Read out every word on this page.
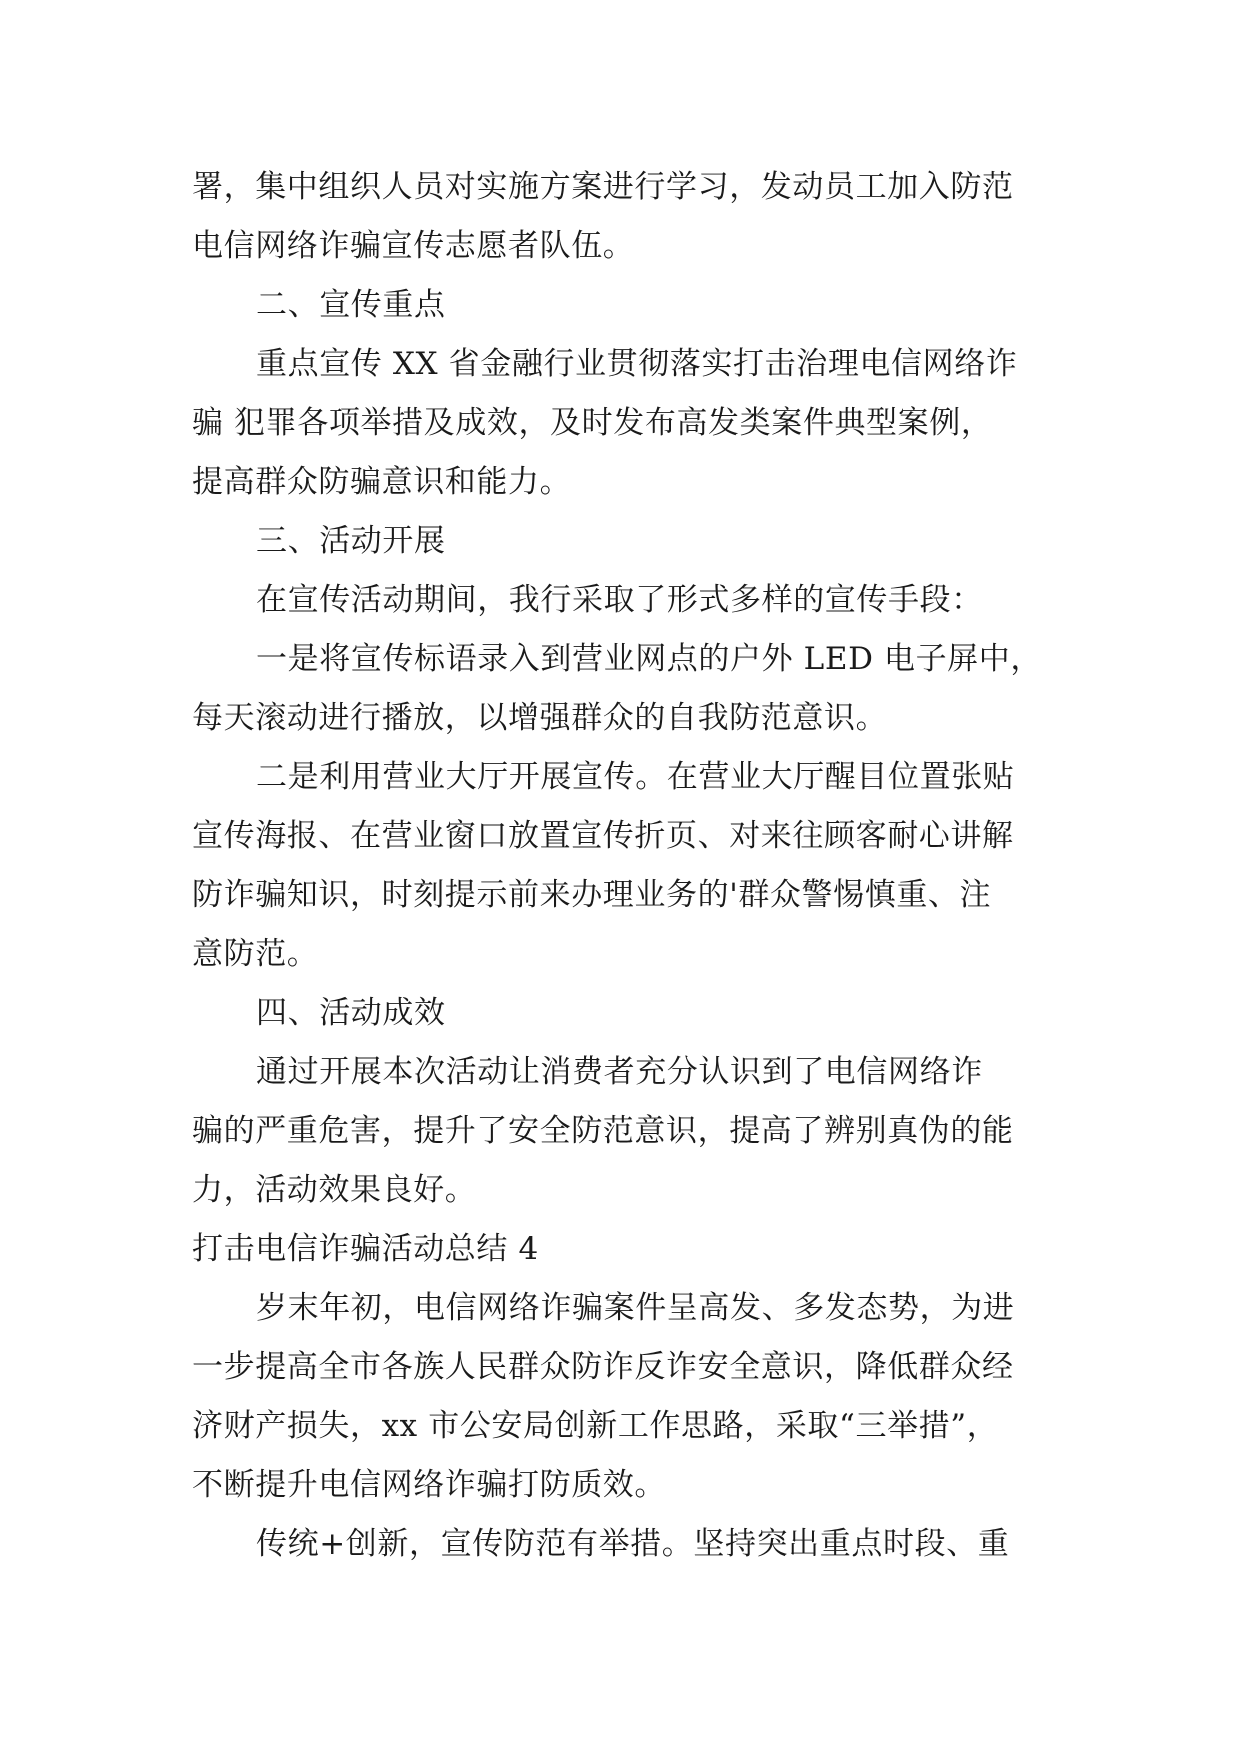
署，集中组织人员对实施方案进行学习，发动员工加入防范
电信网络诈骗宣传志愿者队伍。
二、宣传重点
重点宣传 XX 省金融行业贯彻落实打击治理电信网络诈
骗 犯罪各项举措及成效，及时发布高发类案件典型案例，
提高群众防骗意识和能力。
三、活动开展
在宣传活动期间，我行采取了形式多样的宣传手段：
一是将宣传标语录入到营业网点的户外 LED 电子屏中，
每天滚动进行播放，以增强群众的自我防范意识。
二是利用营业大厅开展宣传。在营业大厅醒目位置张贴
宣传海报、在营业窗口放置宣传折页、对来往顾客耐心讲解
防诈骗知识，时刻提示前来办理业务的'群众警惕慎重、注
意防范。
四、活动成效
通过开展本次活动让消费者充分认识到了电信网络诈
骗的严重危害，提升了安全防范意识，提高了辨别真伪的能
力，活动效果良好。
打击电信诈骗活动总结 4
岁末年初，电信网络诈骗案件呈高发、多发态势，为进
一步提高全市各族人民群众防诈反诈安全意识，降低群众经
济财产损失，xx 市公安局创新工作思路，采取“三举措”，
不断提升电信网络诈骗打防质效。
传统+创新，宣传防范有举措。坚持突出重点时段、重
